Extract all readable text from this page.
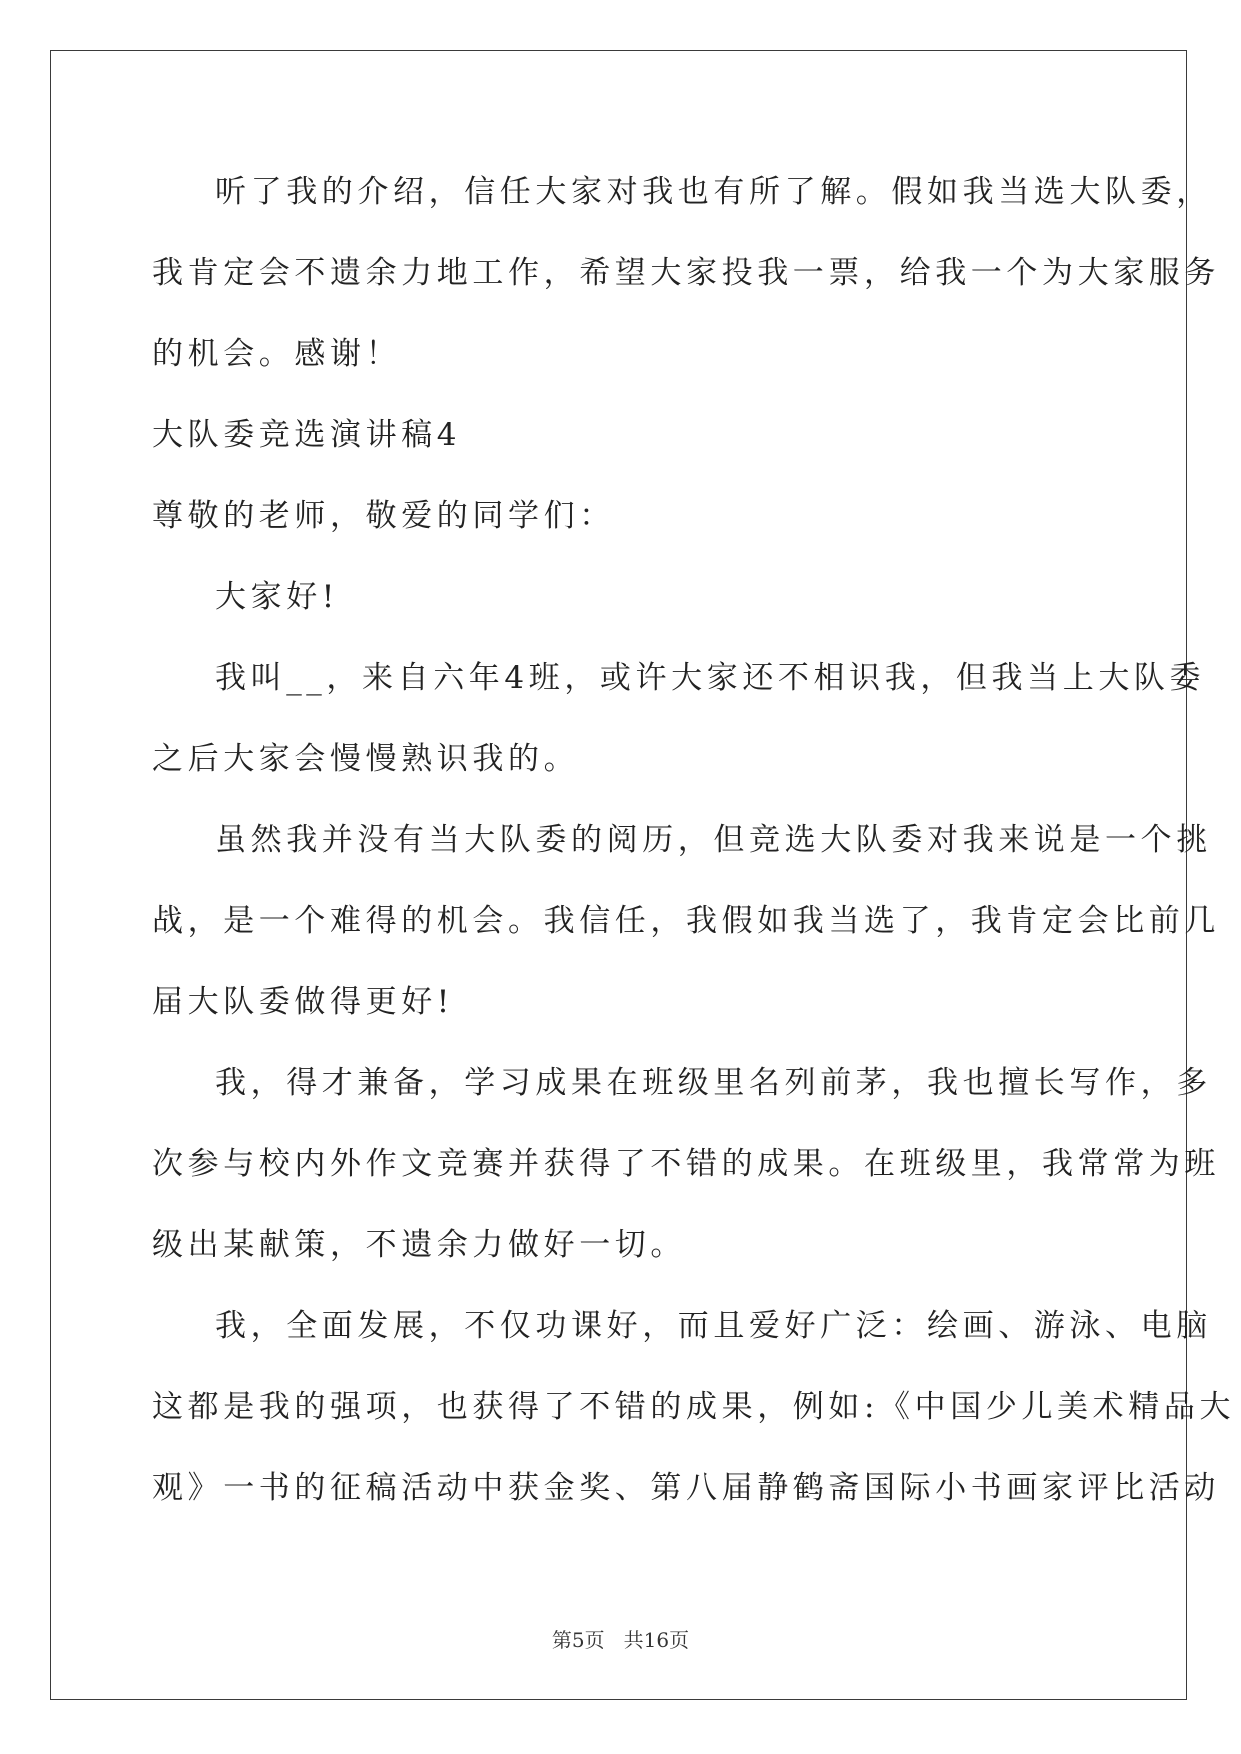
听了我的介绍，信任大家对我也有所了解。假如我当选大队委，
我肯定会不遗余力地工作，希望大家投我一票，给我一个为大家服务
的机会。感谢！
大队委竞选演讲稿4
尊敬的老师，敬爱的同学们：
大家好!
我叫__，来自六年4班，或许大家还不相识我，但我当上大队委
之后大家会慢慢熟识我的。
虽然我并没有当大队委的阅历，但竞选大队委对我来说是一个挑
战，是一个难得的机会。我信任，我假如我当选了，我肯定会比前几
届大队委做得更好!
我，得才兼备，学习成果在班级里名列前茅，我也擅长写作，多
次参与校内外作文竞赛并获得了不错的成果。在班级里，我常常为班
级出某献策，不遗余力做好一切。
我，全面发展，不仅功课好，而且爱好广泛：绘画、游泳、电脑
这都是我的强项，也获得了不错的成果，例如:《中国少儿美术精品大
观》一书的征稿活动中获金奖、第八届静鹤斋国际小书画家评比活动
第5页   共16页
